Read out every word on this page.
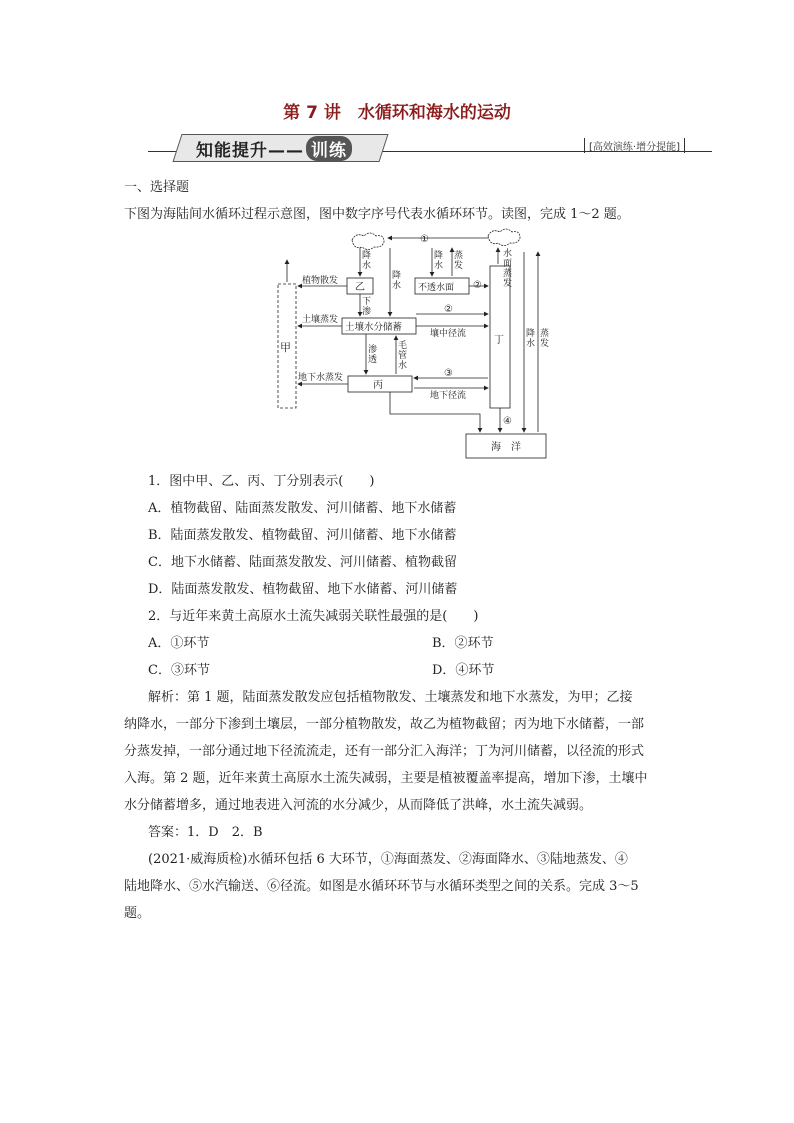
第 7 讲　水循环和海水的运动
知能提升—— 训练	[高效演练·增分提能]
一、选择题
下图为海陆间水循环过程示意图，图中数字序号代表水循环环节。读图，完成 1～2 题。
甲
乙
丁
丙
海　洋
土壤水分储蓄
不透水面
植物散发
土壤蒸发
地下水蒸发
壤中径流
地下径流
①
②
③
②
④
降
水
降
水
降
水
蒸
发
下
渗
渗
透
毛
管
水
水
面
蒸
发
降
水
蒸
发
1．图中甲、乙、丙、丁分别表示(　　)
A．植物截留、陆面蒸发散发、河川储蓄、地下水储蓄
B．陆面蒸发散发、植物截留、河川储蓄、地下水储蓄
C．地下水储蓄、陆面蒸发散发、河川储蓄、植物截留
D．陆面蒸发散发、植物截留、地下水储蓄、河川储蓄
2．与近年来黄土高原水土流失减弱关联性最强的是(　　)
A．①环节	B．②环节
C．③环节	D．④环节
解析：第 1 题，陆面蒸发散发应包括植物散发、土壤蒸发和地下水蒸发，为甲；乙接
纳降水，一部分下渗到土壤层，一部分植物散发，故乙为植物截留；丙为地下水储蓄，一部
分蒸发掉，一部分通过地下径流流走，还有一部分汇入海洋；丁为河川储蓄，以径流的形式
入海。第 2 题，近年来黄土高原水土流失减弱，主要是植被覆盖率提高，增加下渗，土壤中
水分储蓄增多，通过地表进入河流的水分减少，从而降低了洪峰，水土流失减弱。
答案：1．D　2．B
(2021·威海质检)水循环包括 6 大环节，①海面蒸发、②海面降水、③陆地蒸发、④
陆地降水、⑤水汽输送、⑥径流。如图是水循环环节与水循环类型之间的关系。完成 3～5
题。
